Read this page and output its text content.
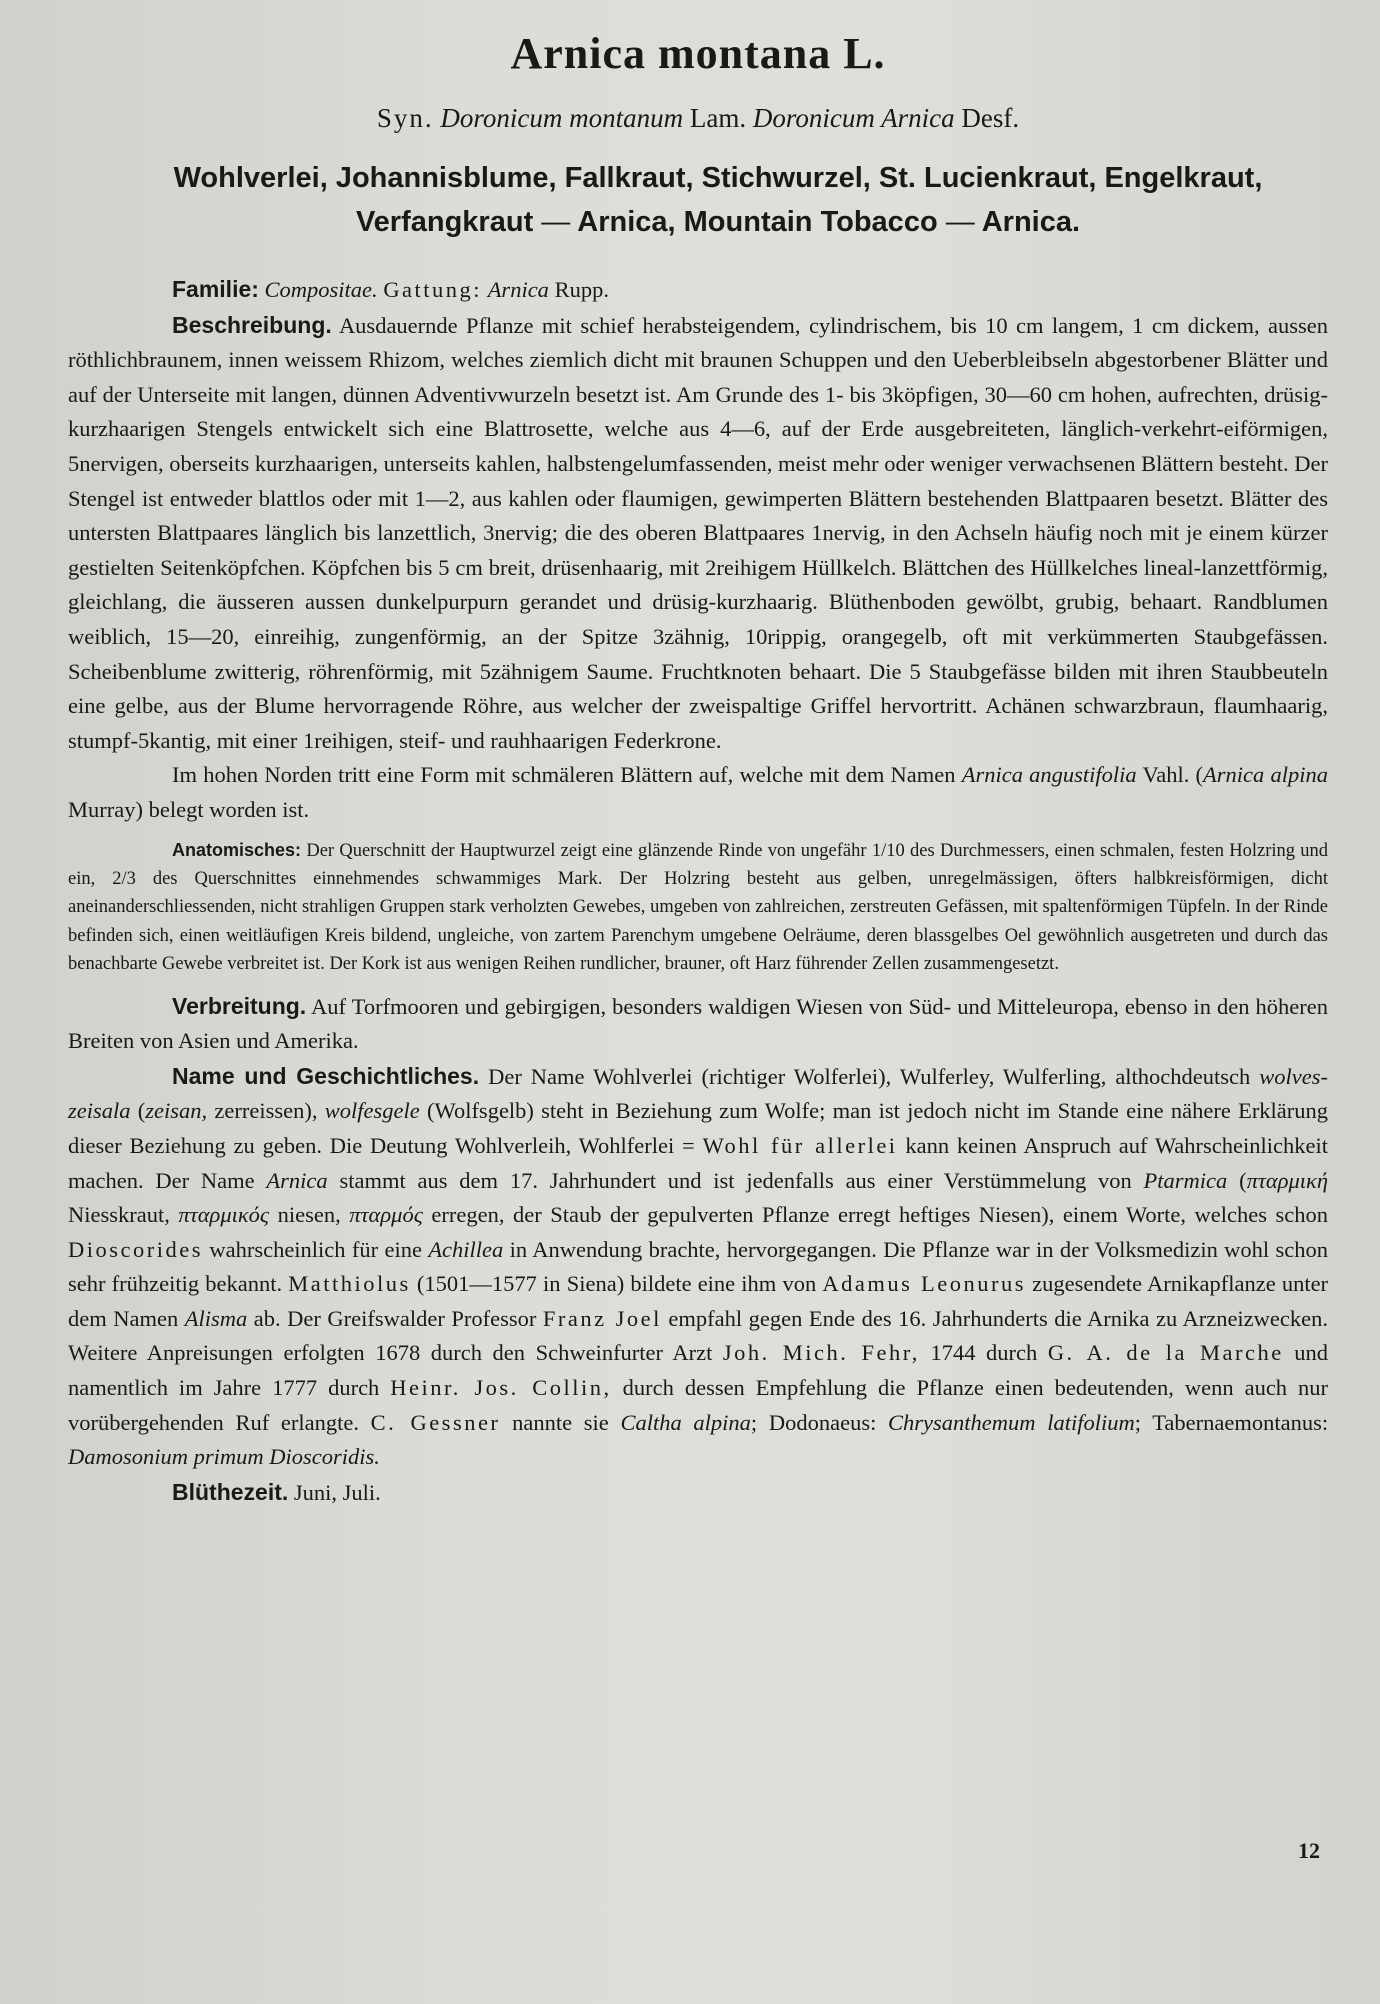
Arnica montana L.
Syn. Doronicum montanum Lam. Doronicum Arnica Desf.
Wohlverlei, Johannisblume, Fallkraut, Stichwurzel, St. Lucienkraut, Engelkraut,
Verfangkraut — Arnica, Mountain Tobacco — Arnica.

Familie: Compositae. Gattung: Arnica Rupp.

Beschreibung. Ausdauernde Pflanze mit schief herabsteigendem, cylindrischem, bis 10 cm langem, 1 cm dickem, aussen röthlichbraunem, innen weissem Rhizom, welches ziemlich dicht mit braunen Schuppen und den Ueberbleibseln abgestorbener Blätter und auf der Unterseite mit langen, dünnen Adventivwurzeln besetzt ist. Am Grunde des 1- bis 3köpfigen, 30—60 cm hohen, aufrechten, drüsig-kurzhaarigen Stengels entwickelt sich eine Blattrosette, welche aus 4—6, auf der Erde ausgebreiteten, länglich-verkehrt-eiförmigen, 5nervigen, oberseits kurzhaarigen, unterseits kahlen, halbstengelumfassenden, meist mehr oder weniger verwachsenen Blättern besteht. Der Stengel ist entweder blattlos oder mit 1—2, aus kahlen oder flaumigen, gewimperten Blättern bestehenden Blattpaaren besetzt. Blätter des untersten Blattpaares länglich bis lanzettlich, 3nervig; die des oberen Blattpaares 1nervig, in den Achseln häufig noch mit je einem kürzer gestielten Seitenköpfchen. Köpfchen bis 5 cm breit, drüsenhaarig, mit 2reihigem Hüllkelch. Blättchen des Hüllkelches lineal-lanzettförmig, gleichlang, die äusseren aussen dunkelpurpurn gerandet und drüsig-kurzhaarig. Blüthenboden gewölbt, grubig, behaart. Randblumen weiblich, 15—20, einreihig, zungenförmig, an der Spitze 3zähnig, 10rippig, orangegelb, oft mit verkümmerten Staubgefässen. Scheibenblume zwitterig, röhrenförmig, mit 5zähnigem Saume. Fruchtknoten behaart. Die 5 Staubgefässe bilden mit ihren Staubbeuteln eine gelbe, aus der Blume hervorragende Röhre, aus welcher der zweispaltige Griffel hervortritt. Achänen schwarzbraun, flaumhaarig, stumpf-5kantig, mit einer 1reihigen, steif- und rauhhaarigen Federkrone.

Im hohen Norden tritt eine Form mit schmäleren Blättern auf, welche mit dem Namen Arnica angustifolia Vahl. (Arnica alpina Murray) belegt worden ist.

Anatomisches: Der Querschnitt der Hauptwurzel zeigt eine glänzende Rinde von ungefähr 1/10 des Durchmessers, einen schmalen, festen Holzring und ein, 2/3 des Querschnittes einnehmendes schwammiges Mark. Der Holzring besteht aus gelben, unregelmässigen, öfters halbkreisförmigen, dicht aneinanderschliessenden, nicht strahligen Gruppen stark verholzten Gewebes, umgeben von zahlreichen, zerstreuten Gefässen, mit spaltenförmigen Tüpfeln. In der Rinde befinden sich, einen weitläufigen Kreis bildend, ungleiche, von zartem Parenchym umgebene Oelräume, deren blassgelbes Oel gewöhnlich ausgetreten und durch das benachbarte Gewebe verbreitet ist. Der Kork ist aus wenigen Reihen rundlicher, brauner, oft Harz führender Zellen zusammengesetzt.

Verbreitung. Auf Torfmooren und gebirgigen, besonders waldigen Wiesen von Süd- und Mitteleuropa, ebenso in den höheren Breiten von Asien und Amerika.

Name und Geschichtliches. Der Name Wohlverlei (richtiger Wolferlei), Wulferley, Wulferling, althochdeutsch wolves-zeisala (zeisan, zerreissen), wolfesgele (Wolfsgelb) steht in Beziehung zum Wolfe; man ist jedoch nicht im Stande eine nähere Erklärung dieser Beziehung zu geben. Die Deutung Wohlverleih, Wohlferlei = Wohl für allerlei kann keinen Anspruch auf Wahrscheinlichkeit machen. Der Name Arnica stammt aus dem 17. Jahrhundert und ist jedenfalls aus einer Verstümmelung von Ptarmica (πταρμική Niesskraut, πταρμικός niesen, πταρμός erregen, der Staub der gepulverten Pflanze erregt heftiges Niesen), einem Worte, welches schon Dioscorides wahrscheinlich für eine Achillea in Anwendung brachte, hervorgegangen. Die Pflanze war in der Volksmedizin wohl schon sehr frühzeitig bekannt. Matthiolus (1501—1577 in Siena) bildete eine ihm von Adamus Leonurus zugesendete Arnikapflanze unter dem Namen Alisma ab. Der Greifswalder Professor Franz Joel empfahl gegen Ende des 16. Jahrhunderts die Arnika zu Arzneizwecken. Weitere Anpreisungen erfolgten 1678 durch den Schweinfurter Arzt Joh. Mich. Fehr, 1744 durch G. A. de la Marche und namentlich im Jahre 1777 durch Heinr. Jos. Collin, durch dessen Empfehlung die Pflanze einen bedeutenden, wenn auch nur vorübergehenden Ruf erlangte. C. Gessner nannte sie Caltha alpina; Dodonaeus: Chrysanthemum latifolium; Tabernaemontanus: Damosonium primum Dioscoridis.

Blüthezeit. Juni, Juli.

12
